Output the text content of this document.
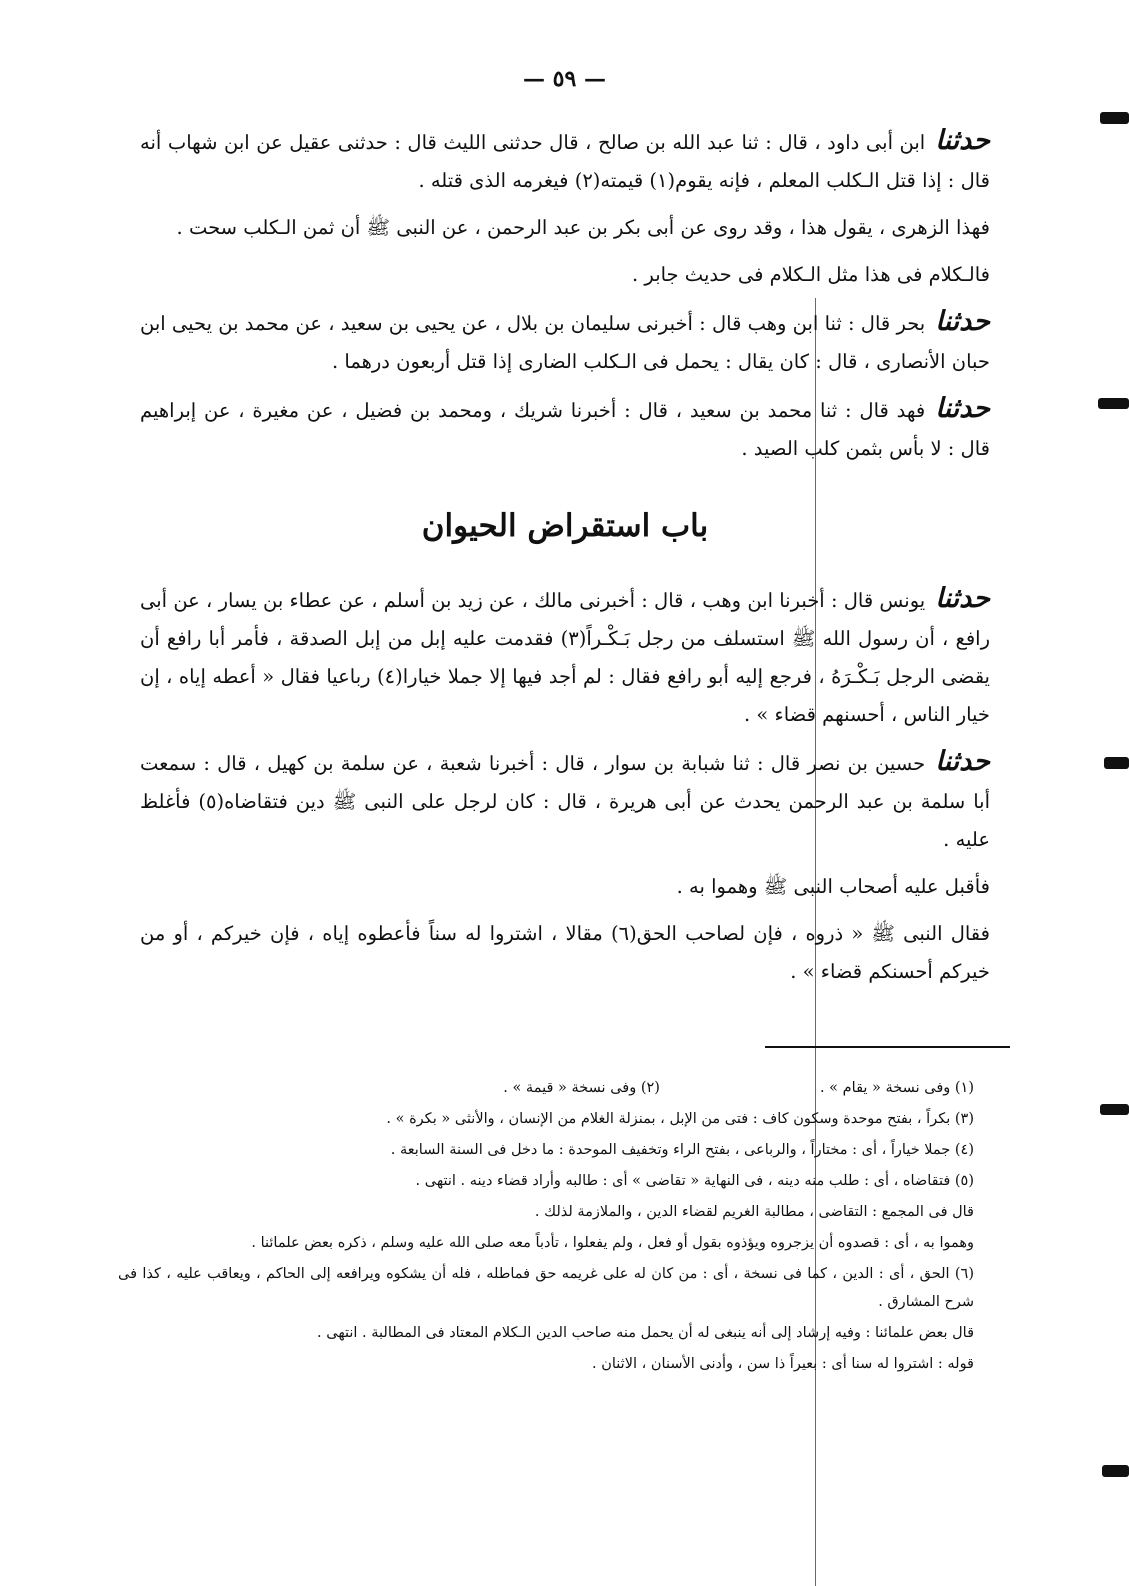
— ٥٩ —

حدثناابن أبى داود ، قال : ثنا عبد الله بن صالح ، قال حدثنى الليث قال : حدثنى عقيل عن ابن شهاب أنه قال : إذا قتل الـكلب المعلم ، فإنه يقوم(١) قيمته(٢) فيغرمه الذى قتله .

فهذا الزهرى ، يقول هذا ، وقد روى عن أبى بكر بن عبد الرحمن ، عن النبى ﷺ أن ثمن الـكلب سحت .

فالـكلام فى هذا مثل الـكلام فى حديث جابر .

حدثنابحر قال : ثنا ابن وهب قال : أخبرنى سليمان بن بلال ، عن يحيى بن سعيد ، عن محمد بن يحيى ابن حبان الأنصارى ، قال : كان يقال : يحمل فى الـكلب الضارى إذا قتل أربعون درهما .

حدثنافهد قال : ثنا محمد بن سعيد ، قال : أخبرنا شريك ، ومحمد بن فضيل ، عن مغيرة ، عن إبراهيم قال : لا بأس بثمن كلب الصيد .

باب استقراض الحيوان

حدثنايونس قال : أخبرنا ابن وهب ، قال : أخبرنى مالك ، عن زيد بن أسلم ، عن عطاء بن يسار ، عن أبى رافع ، أن رسول الله ﷺ استسلف من رجل بَـكْـراً(٣) فقدمت عليه إبل من إبل الصدقة ، فأمر أبا رافع أن يقضى الرجل بَـكْـرَهُ ، فرجع إليه أبو رافع فقال : لم أجد فيها إلا جملا خيارا(٤) رباعيا فقال « أعطه إياه ، إن خيار الناس ، أحسنهم قضاء » .

حدثناحسين بن نصر قال : ثنا شبابة بن سوار ، قال : أخبرنا شعبة ، عن سلمة بن كهيل ، قال : سمعت أبا سلمة بن عبد الرحمن يحدث عن أبى هريرة ، قال : كان لرجل على النبى ﷺ دين فتقاضاه(٥) فأغلظ عليه .

فأقبل عليه أصحاب النبى ﷺ وهموا به .

فقال النبى ﷺ « ذروه ، فإن لصاحب الحق(٦) مقالا ، اشتروا له سناً فأعطوه إياه ، فإن خيركم ، أو من خيركم أحسنكم قضاء » .

(١) وفى نسخة « يقام » .
(٢) وفى نسخة « قيمة » .

(٣) بكراً ، بفتح موحدة وسكون كاف : فتى من الإبل ، بمنزلة الغلام من الإنسان ، والأنثى « بكرة » .

(٤) جملا خياراً ، أى : مختاراً ، والرباعى ، بفتح الراء وتخفيف الموحدة : ما دخل فى السنة السابعة .

(٥) فتقاضاه ، أى : طلب منه دينه ، فى النهاية « تقاضى » أى : طالبه وأراد قضاء دينه . انتهى .

قال فى المجمع : التقاضى ، مطالبة الغريم لقضاء الدين ، والملازمة لذلك .

وهموا به ، أى : قصدوه أن يزجروه ويؤذوه بقول أو فعل ، ولم يفعلوا ، تأدباً معه صلى الله عليه وسلم ، ذكره بعض علمائنا .

(٦) الحق ، أى : الدين ، كما فى نسخة ، أى : من كان له على غريمه حق فماطله ، فله أن يشكوه ويرافعه إلى الحاكم ، ويعاقب عليه ، كذا فى شرح المشارق .

قال بعض علمائنا : وفيه إرشاد إلى أنه ينبغى له أن يحمل منه صاحب الدين الـكلام المعتاد فى المطالبة . انتهى .

قوله : اشتروا له سنا أى : بعيراً ذا سن ، وأدنى الأسنان ، الاثنان .
